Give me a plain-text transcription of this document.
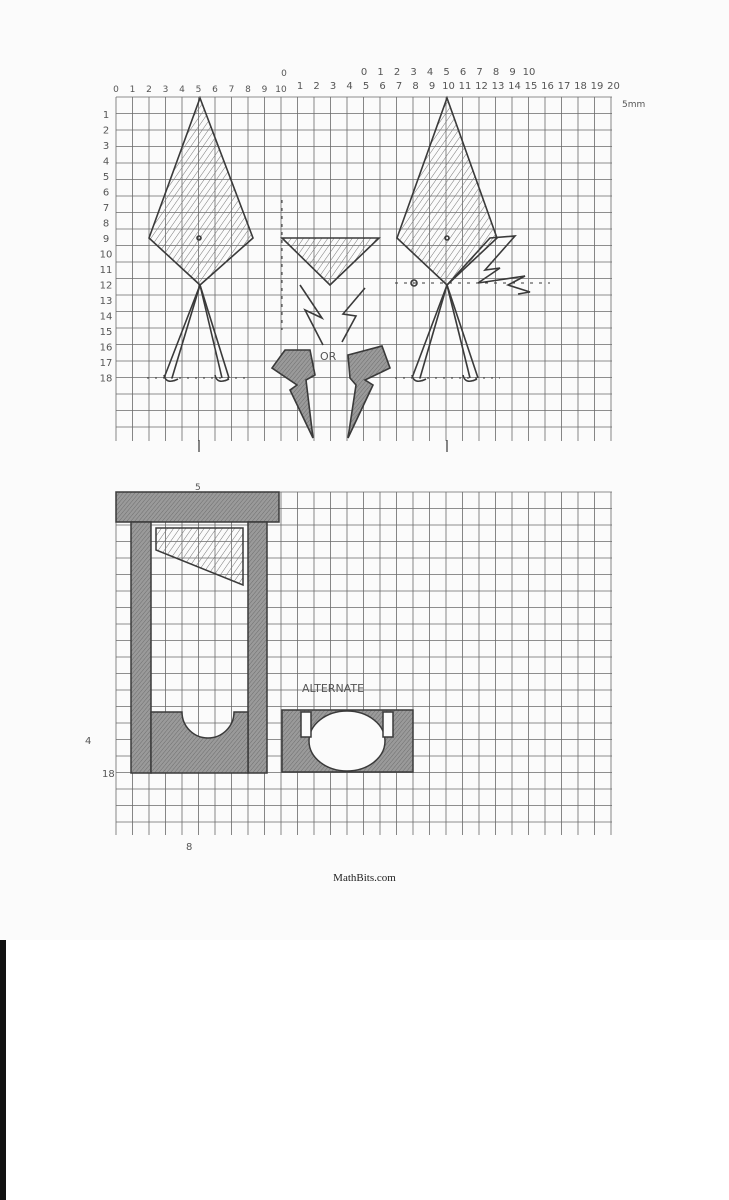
0 1 2 3 4 5 6 7 8 9 10
0
1 2 3 4 5 6 7 8 9 10 11 12 13 14 15 16 17 18 19 20
0 1 2 3 4 5 6 7 8 9 10
1
2
3
4
5
6
7
8
9
10
11
12
13
14
15
16
17
18
OR
ALTERNATE
5
4
8
18
5mm
MathBits.com
